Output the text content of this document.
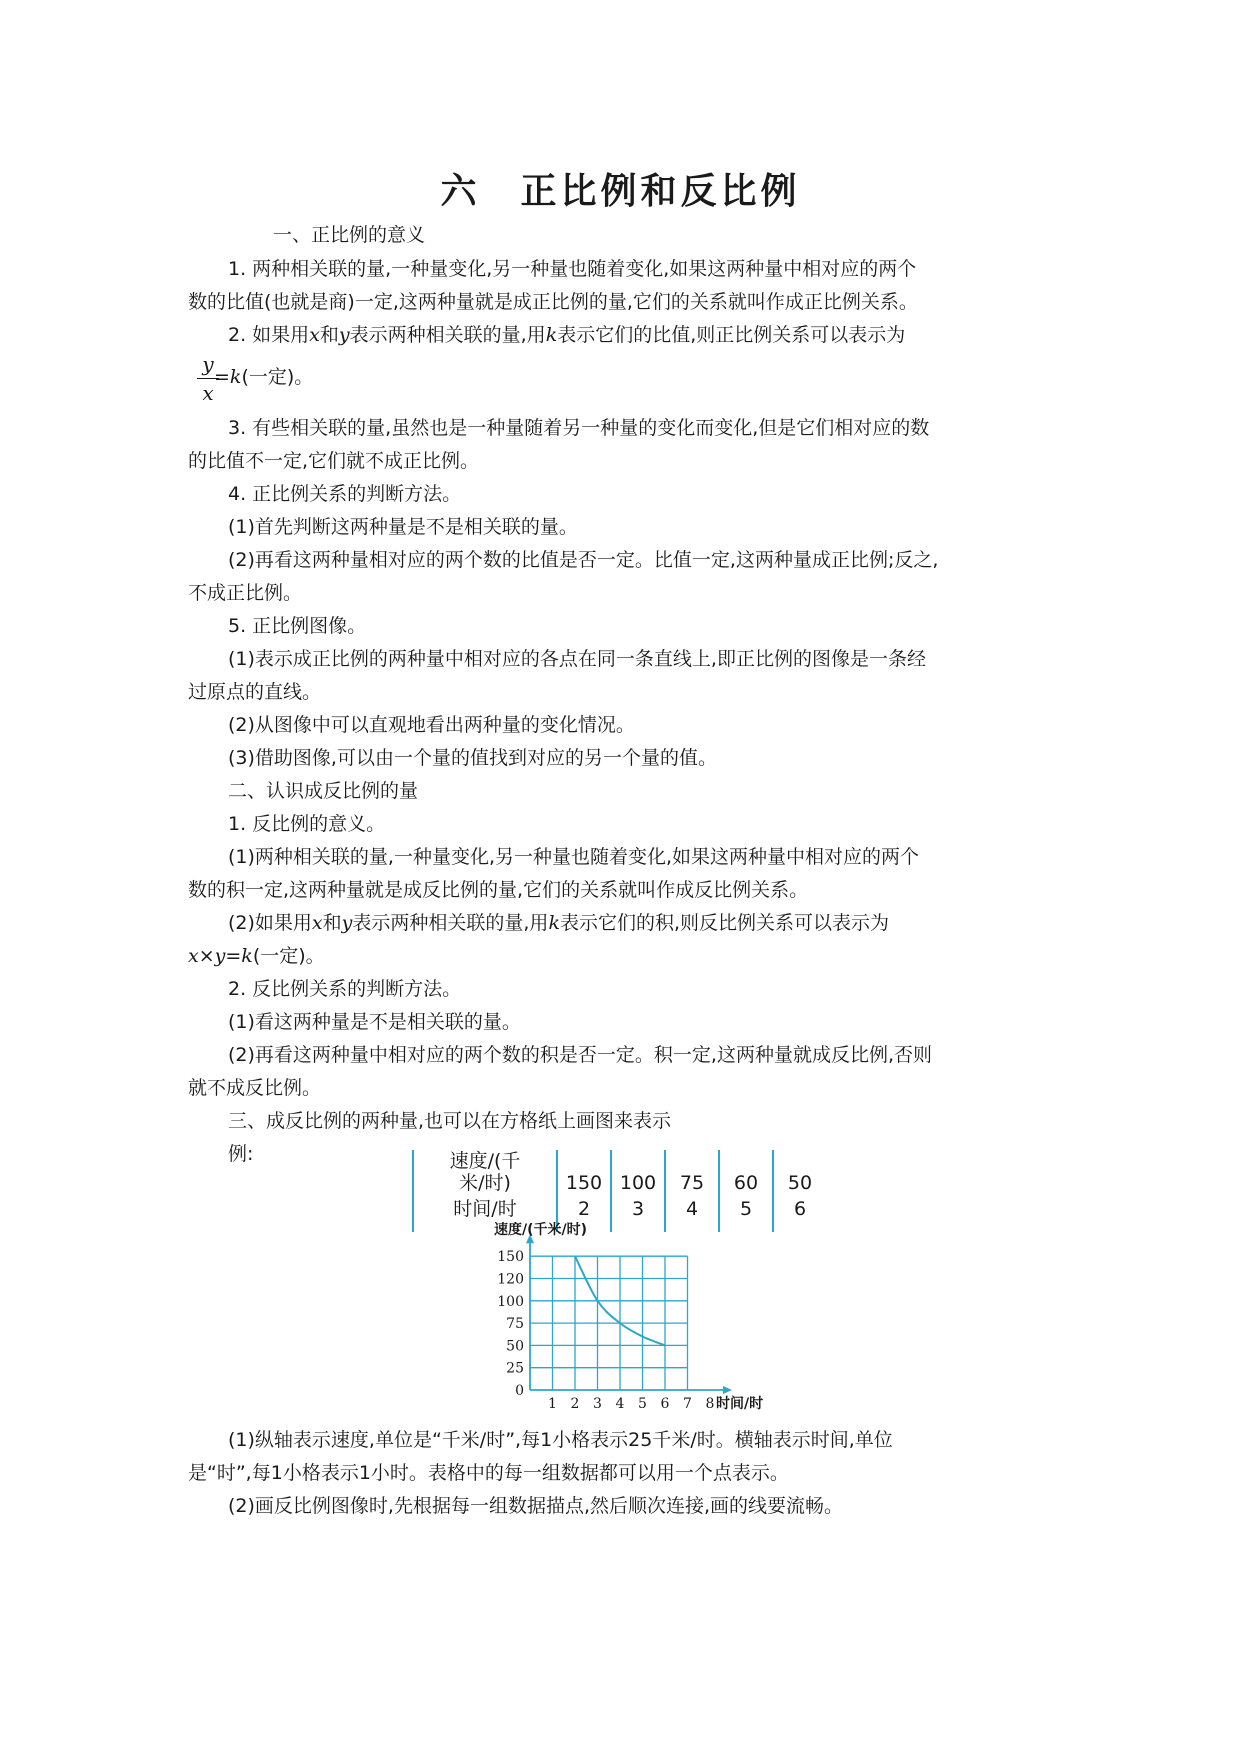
六 正比例和反比例

一、正比例的意义

1. 两种相关联的量,一种量变化,另一种量也随着变化,如果这两种量中相对应的两个

数的比值(也就是商)一定,这两种量就是成正比例的量,它们的关系就叫作成正比例关系。

2. 如果用x和y表示两种相关联的量,用k表示它们的比值,则正比例关系可以表示为

y
x
=k(一定)。

3. 有些相关联的量,虽然也是一种量随着另一种量的变化而变化,但是它们相对应的数

的比值不一定,它们就不成正比例。

4. 正比例关系的判断方法。

(1)首先判断这两种量是不是相关联的量。

(2)再看这两种量相对应的两个数的比值是否一定。比值一定,这两种量成正比例;反之,

不成正比例。

5. 正比例图像。

(1)表示成正比例的两种量中相对应的各点在同一条直线上,即正比例的图像是一条经

过原点的直线。

(2)从图像中可以直观地看出两种量的变化情况。

(3)借助图像,可以由一个量的值找到对应的另一个量的值。

二、认识成反比例的量

1. 反比例的意义。

(1)两种相关联的量,一种量变化,另一种量也随着变化,如果这两种量中相对应的两个

数的积一定,这两种量就是成反比例的量,它们的关系就叫作成反比例关系。

(2)如果用x和y表示两种相关联的量,用k表示它们的积,则反比例关系可以表示为

x×y=k(一定)。

2. 反比例关系的判断方法。

(1)看这两种量是不是相关联的量。

(2)再看这两种量中相对应的两个数的积是否一定。积一定,这两种量就成反比例,否则

就不成反比例。

三、成反比例的两种量,也可以在方格纸上画图来表示

例:	速度/(千
米/时)	150	100	75	60	50
时间/时	2	3	4	5	6
0
25
50
75
100
120
150
1 2 3 4 5 6 7 8
速度/(千米/时)
时间/时

(1)纵轴表示速度,单位是“千米/时”,每1小格表示25千米/时。横轴表示时间,单位

是“时”,每1小格表示1小时。表格中的每一组数据都可以用一个点表示。

(2)画反比例图像时,先根据每一组数据描点,然后顺次连接,画的线要流畅。
